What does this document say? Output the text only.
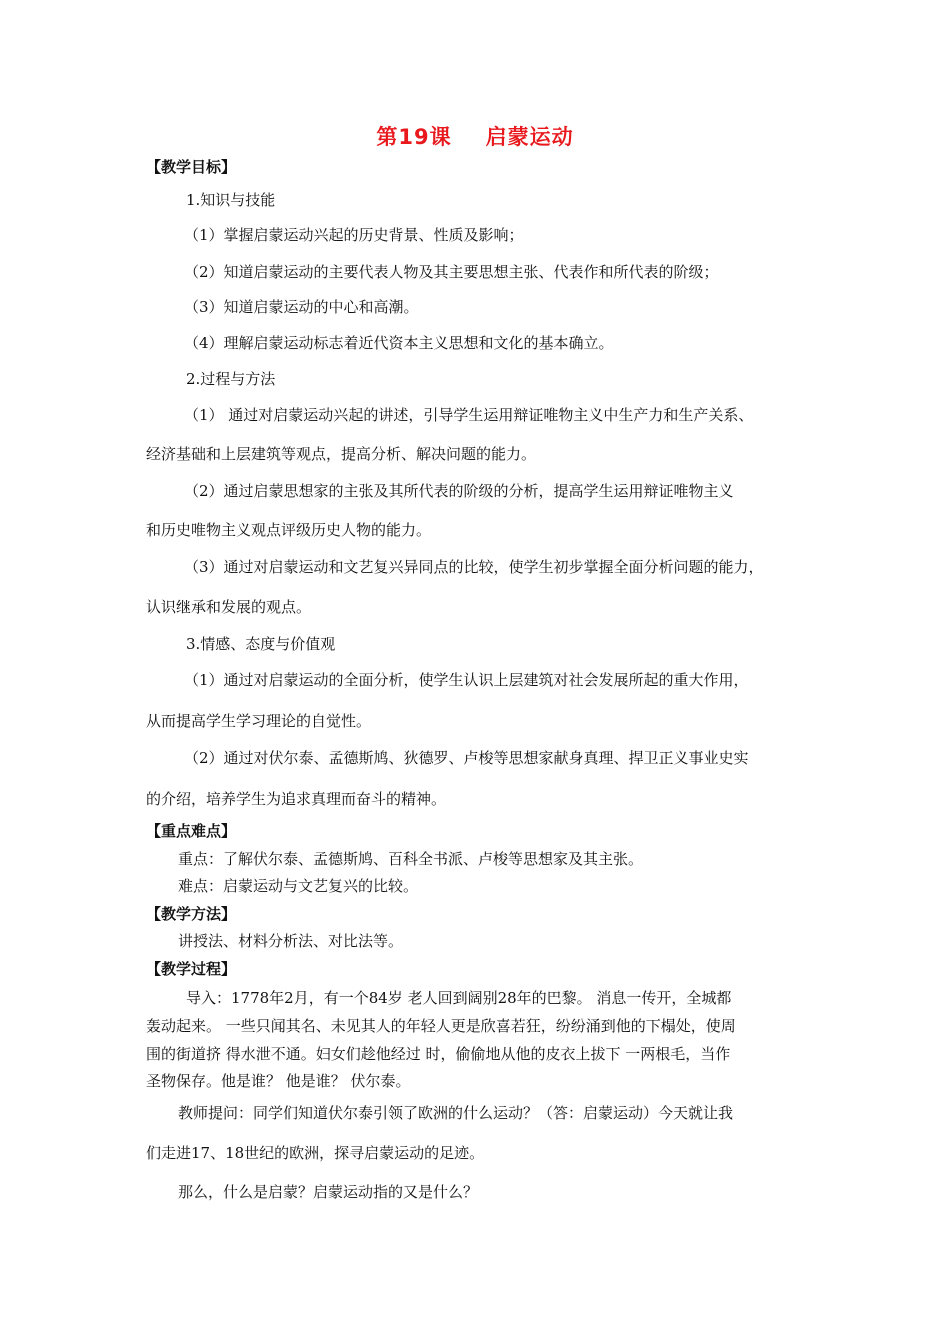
第19课 启蒙运动
【教学目标】
1.知识与技能
（1）掌握启蒙运动兴起的历史背景、性质及影响；
（2）知道启蒙运动的主要代表人物及其主要思想主张、代表作和所代表的阶级；
（3）知道启蒙运动的中心和高潮。
（4）理解启蒙运动标志着近代资本主义思想和文化的基本确立。
2.过程与方法
（1） 通过对启蒙运动兴起的讲述，引导学生运用辩证唯物主义中生产力和生产关系、
经济基础和上层建筑等观点，提高分析、解决问题的能力。
（2）通过启蒙思想家的主张及其所代表的阶级的分析，提高学生运用辩证唯物主义
和历史唯物主义观点评级历史人物的能力。
（3）通过对启蒙运动和文艺复兴异同点的比较，使学生初步掌握全面分析问题的能力，
认识继承和发展的观点。
3.情感、态度与价值观
（1）通过对启蒙运动的全面分析，使学生认识上层建筑对社会发展所起的重大作用，
从而提高学生学习理论的自觉性。
（2）通过对伏尔泰、孟德斯鸠、狄德罗、卢梭等思想家献身真理、捍卫正义事业史实
的介绍，培养学生为追求真理而奋斗的精神。
【重点难点】
重点：了解伏尔泰、孟德斯鸠、百科全书派、卢梭等思想家及其主张。
难点：启蒙运动与文艺复兴的比较。
【教学方法】
讲授法、材料分析法、对比法等。
【教学过程】
导入：1778年2月，有一个84岁 老人回到阔别28年的巴黎。 消息一传开，全城都
轰动起来。 一些只闻其名、未见其人的年轻人更是欣喜若狂，纷纷涌到他的下榻处，使周
围的街道挤 得水泄不通。妇女们趁他经过 时，偷偷地从他的皮衣上拔下 一两根毛，当作
圣物保存。他是谁？ 他是谁？ 伏尔泰。
教师提问：同学们知道伏尔泰引领了欧洲的什么运动？（答：启蒙运动）今天就让我
们走进17、18世纪的欧洲，探寻启蒙运动的足迹。
那么，什么是启蒙？启蒙运动指的又是什么？
